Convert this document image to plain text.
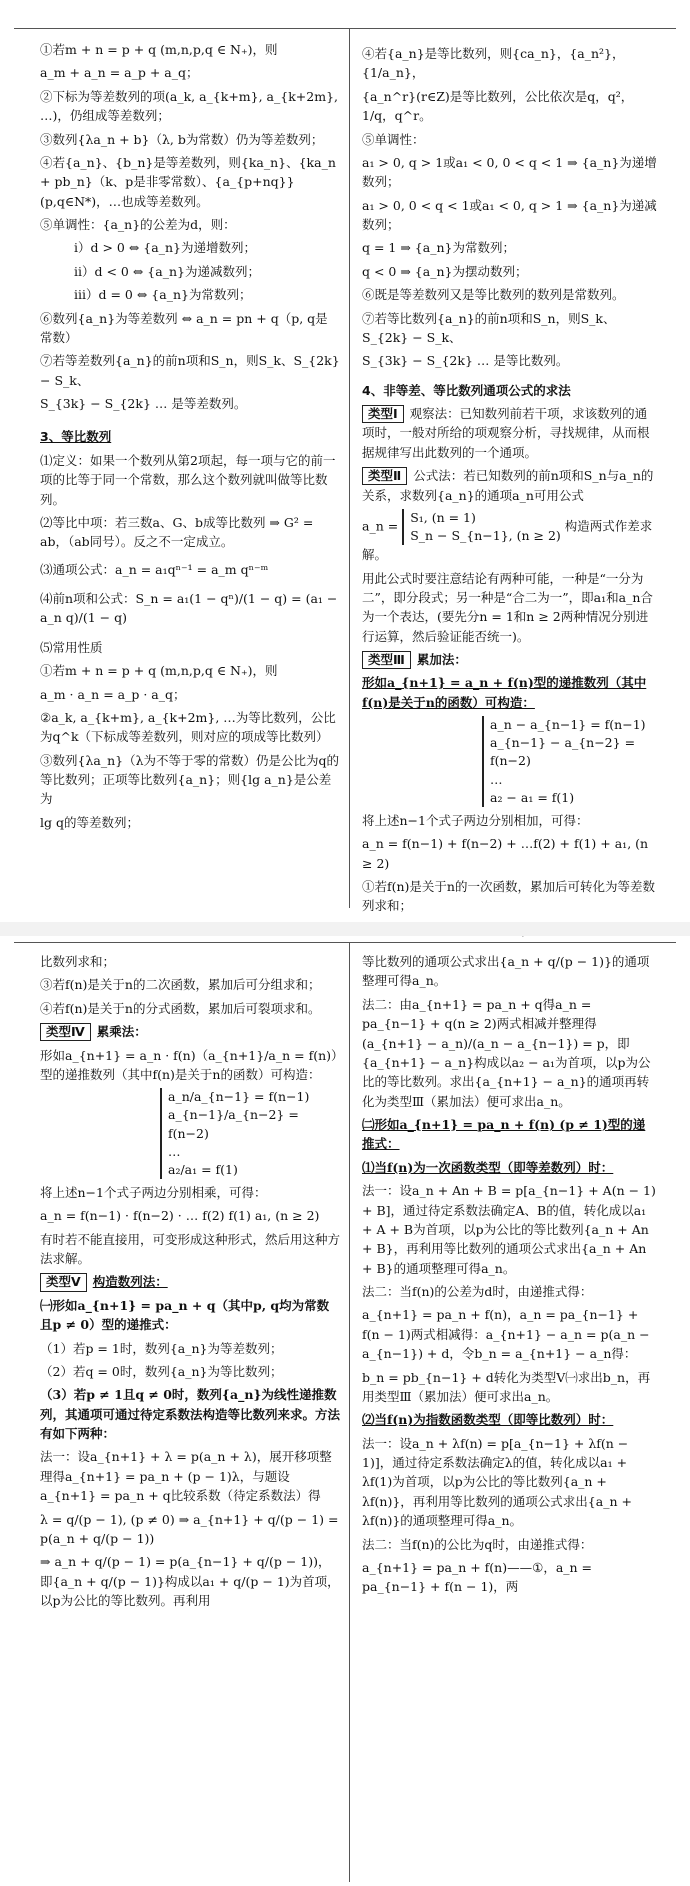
①若m + n = p + q (m,n,p,q ∈ N₊)，则

a_m + a_n = a_p + a_q；

②下标为等差数列的项(a_k, a_{k+m}, a_{k+2m}, …)，仍组成等差数列；

③数列{λa_n + b}（λ, b为常数）仍为等差数列；

④若{a_n}、{b_n}是等差数列，则{ka_n}、{ka_n + pb_n}（k、p是非零常数）、{a_{p+nq}}(p,q∈N*)，…也成等差数列。

⑤单调性：{a_n}的公差为d，则：

ⅰ）d > 0 ⇔ {a_n}为递增数列；

ⅱ）d < 0 ⇔ {a_n}为递减数列；

ⅲ）d = 0 ⇔ {a_n}为常数列；

⑥数列{a_n}为等差数列 ⇔ a_n = pn + q（p, q是常数）

⑦若等差数列{a_n}的前n项和S_n，则S_k、S_{2k} − S_k、

S_{3k} − S_{2k} … 是等差数列。

3、等比数列

⑴定义：如果一个数列从第2项起，每一项与它的前一项的比等于同一个常数，那么这个数列就叫做等比数列。

⑵等比中项：若三数a、G、b成等比数列 ⇒ G² = ab，（ab同号）。反之不一定成立。

⑶通项公式：a_n = a₁qⁿ⁻¹ = a_m qⁿ⁻ᵐ

⑷前n项和公式：S_n = a₁(1 − qⁿ)/(1 − q) = (a₁ − a_n q)/(1 − q)

⑸常用性质

①若m + n = p + q (m,n,p,q ∈ N₊)，则

a_m · a_n = a_p · a_q；

②a_k, a_{k+m}, a_{k+2m}, …为等比数列，公比为q^k（下标成等差数列，则对应的项成等比数列）

③数列{λa_n}（λ为不等于零的常数）仍是公比为q的等比数列；正项等比数列{a_n}；则{lg a_n}是公差为

lg q的等差数列；

④若{a_n}是等比数列，则{ca_n}，{a_n²}，{1/a_n}，

{a_n^r}(r∈Z)是等比数列，公比依次是q，q²，1/q，q^r。

⑤单调性：

a₁ > 0, q > 1或a₁ < 0, 0 < q < 1 ⇒ {a_n}为递增数列；

a₁ > 0, 0 < q < 1或a₁ < 0, q > 1 ⇒ {a_n}为递减数列；

q = 1 ⇒ {a_n}为常数列；

q < 0 ⇒ {a_n}为摆动数列；

⑥既是等差数列又是等比数列的数列是常数列。

⑦若等比数列{a_n}的前n项和S_n，则S_k、S_{2k} − S_k、

S_{3k} − S_{2k} … 是等比数列。

4、非等差、等比数列通项公式的求法

类型Ⅰ 观察法：已知数列前若干项，求该数列的通项时，一般对所给的项观察分析，寻找规律，从而根据规律写出此数列的一个通项。

类型Ⅱ 公式法：若已知数列的前n项和S_n与a_n的关系，求数列{a_n}的通项a_n可用公式

a_n =
S₁, (n = 1)
S_n − S_{n−1}, (n ≥ 2)
构造两式作差求解。

用此公式时要注意结论有两种可能，一种是“一分为二”，即分段式；另一种是“合二为一”，即a₁和a_n合为一个表达，(要先分n = 1和n ≥ 2两种情况分别进行运算，然后验证能否统一)。

类型Ⅲ 累加法：

形如a_{n+1} = a_n + f(n)型的递推数列（其中f(n)是关于n的函数）可构造：

a_n − a_{n−1} = f(n−1)

a_{n−1} − a_{n−2} = f(n−2)

…

a₂ − a₁ = f(1)

将上述n−1个式子两边分别相加，可得：

a_n = f(n−1) + f(n−2) + …f(2) + f(1) + a₁, (n ≥ 2)

①若f(n)是关于n的一次函数，累加后可转化为等差数列求和；

比数列求和；

③若f(n)是关于n的二次函数，累加后可分组求和；

④若f(n)是关于n的分式函数，累加后可裂项求和。

类型Ⅳ 累乘法：

形如a_{n+1} = a_n · f(n)（a_{n+1}/a_n = f(n)）型的递推数列（其中f(n)是关于n的函数）可构造：

a_n/a_{n−1} = f(n−1)

a_{n−1}/a_{n−2} = f(n−2)

…

a₂/a₁ = f(1)

将上述n−1个式子两边分别相乘，可得：

a_n = f(n−1) · f(n−2) · … f(2) f(1) a₁, (n ≥ 2)

有时若不能直接用，可变形成这种形式，然后用这种方法求解。

类型Ⅴ 构造数列法：

㈠形如a_{n+1} = pa_n + q（其中p, q均为常数且p ≠ 0）型的递推式：

（1）若p = 1时，数列{a_n}为等差数列；

（2）若q = 0时，数列{a_n}为等比数列；

（3）若p ≠ 1且q ≠ 0时，数列{a_n}为线性递推数列，其通项可通过待定系数法构造等比数列来求。方法有如下两种：

法一：设a_{n+1} + λ = p(a_n + λ)，展开移项整理得a_{n+1} = pa_n + (p − 1)λ，与题设a_{n+1} = pa_n + q比较系数（待定系数法）得

λ = q/(p − 1), (p ≠ 0) ⇒ a_{n+1} + q/(p − 1) = p(a_n + q/(p − 1))

⇒ a_n + q/(p − 1) = p(a_{n−1} + q/(p − 1))，即{a_n + q/(p − 1)}构成以a₁ + q/(p − 1)为首项，以p为公比的等比数列。再利用

等比数列的通项公式求出{a_n + q/(p − 1)}的通项整理可得a_n。

法二：由a_{n+1} = pa_n + q得a_n = pa_{n−1} + q(n ≥ 2)两式相减并整理得(a_{n+1} − a_n)/(a_n − a_{n−1}) = p，即{a_{n+1} − a_n}构成以a₂ − a₁为首项，以p为公比的等比数列。求出{a_{n+1} − a_n}的通项再转化为类型Ⅲ（累加法）便可求出a_n。

㈡形如a_{n+1} = pa_n + f(n) (p ≠ 1)型的递推式：

⑴当f(n)为一次函数类型（即等差数列）时：

法一：设a_n + An + B = p[a_{n−1} + A(n − 1) + B]，通过待定系数法确定A、B的值，转化成以a₁ + A + B为首项，以p为公比的等比数列{a_n + An + B}，再利用等比数列的通项公式求出{a_n + An + B}的通项整理可得a_n。

法二：当f(n)的公差为d时，由递推式得：

a_{n+1} = pa_n + f(n)，a_n = pa_{n−1} + f(n − 1)两式相减得：a_{n+1} − a_n = p(a_n − a_{n−1}) + d，令b_n = a_{n+1} − a_n得：

b_n = pb_{n−1} + d转化为类型Ⅴ㈠求出b_n，再用类型Ⅲ（累加法）便可求出a_n。

⑵当f(n)为指数函数类型（即等比数列）时：

法一：设a_n + λf(n) = p[a_{n−1} + λf(n − 1)]，通过待定系数法确定λ的值，转化成以a₁ + λf(1)为首项，以p为公比的等比数列{a_n + λf(n)}，再利用等比数列的通项公式求出{a_n + λf(n)}的通项整理可得a_n。

法二：当f(n)的公比为q时，由递推式得：

a_{n+1} = pa_n + f(n)——①，a_n = pa_{n−1} + f(n − 1)，两
